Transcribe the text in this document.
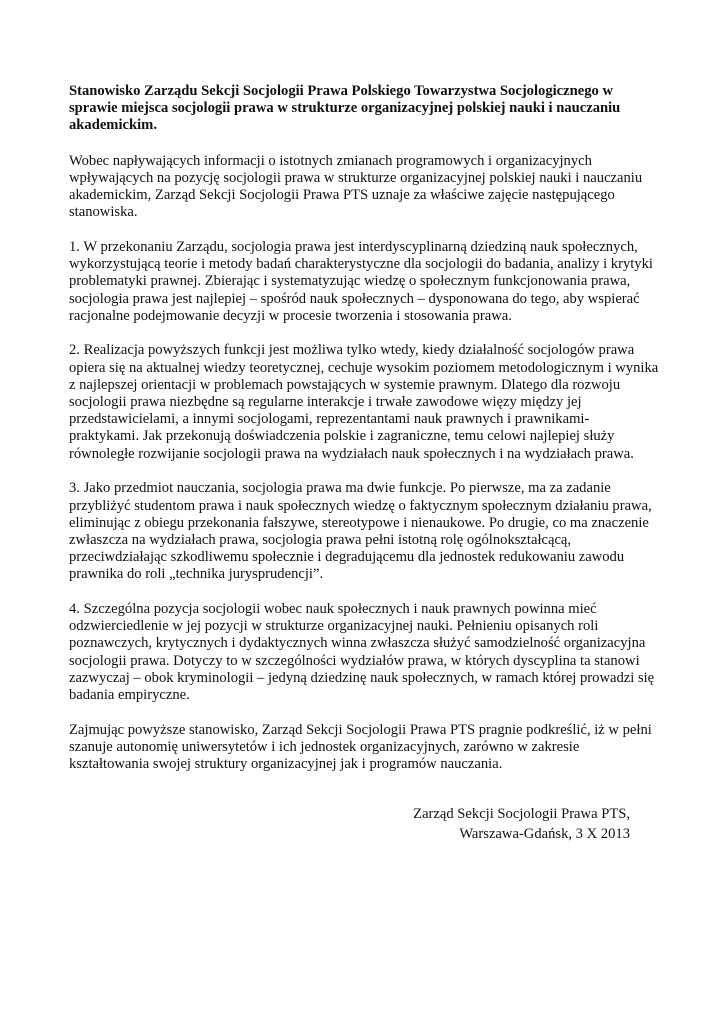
Stanowisko Zarządu Sekcji Socjologii Prawa Polskiego Towarzystwa Socjologicznego w sprawie miejsca socjologii prawa w strukturze organizacyjnej polskiej nauki i nauczaniu akademickim.

Wobec napływających informacji o istotnych zmianach programowych i organizacyjnych wpływających na pozycję socjologii prawa w strukturze organizacyjnej polskiej nauki i nauczaniu akademickim, Zarząd Sekcji Socjologii Prawa PTS uznaje za właściwe zajęcie następującego stanowiska.

1. W przekonaniu Zarządu, socjologia prawa jest interdyscyplinarną dziedziną nauk społecznych, wykorzystującą teorie i metody badań charakterystyczne dla socjologii do badania, analizy i krytyki problematyki prawnej. Zbierając i systematyzując wiedzę o społecznym funkcjonowania prawa, socjologia prawa jest najlepiej – spośród nauk społecznych – dysponowana do tego, aby wspierać racjonalne podejmowanie decyzji w procesie tworzenia i stosowania prawa.

2. Realizacja powyższych funkcji jest możliwa tylko wtedy, kiedy działalność socjologów prawa opiera się na aktualnej wiedzy teoretycznej, cechuje wysokim poziomem metodologicznym i wynika z najlepszej orientacji w problemach powstających w systemie prawnym. Dlatego dla rozwoju socjologii prawa niezbędne są regularne interakcje i trwałe zawodowe więzy między jej przedstawicielami, a innymi socjologami, reprezentantami nauk prawnych i prawnikami-praktykami. Jak przekonują doświadczenia polskie i zagraniczne, temu celowi najlepiej służy równoległe rozwijanie socjologii prawa na wydziałach nauk społecznych i na wydziałach prawa.

3. Jako przedmiot nauczania, socjologia prawa ma dwie funkcje. Po pierwsze, ma za zadanie przybliżyć studentom prawa i nauk społecznych wiedzę o faktycznym społecznym działaniu prawa, eliminując z obiegu przekonania fałszywe, stereotypowe i nienaukowe. Po drugie, co ma znaczenie zwłaszcza na wydziałach prawa, socjologia prawa pełni istotną rolę ogólnokształcącą, przeciwdziałając szkodliwemu społecznie i degradującemu dla jednostek redukowaniu zawodu prawnika do roli „technika jurysprudencji”.

4. Szczególna pozycja socjologii wobec nauk społecznych i nauk prawnych powinna mieć odzwierciedlenie w jej pozycji w strukturze organizacyjnej nauki. Pełnieniu opisanych roli poznawczych, krytycznych i dydaktycznych winna zwłaszcza służyć samodzielność organizacyjna socjologii prawa. Dotyczy to w szczególności wydziałów prawa, w których dyscyplina ta stanowi zazwyczaj – obok kryminologii – jedyną dziedzinę nauk społecznych, w ramach której prowadzi się badania empiryczne.

Zajmując powyższe stanowisko, Zarząd Sekcji Socjologii Prawa PTS pragnie podkreślić, iż w pełni szanuje autonomię uniwersytetów i ich jednostek organizacyjnych, zarówno w zakresie kształtowania swojej struktury organizacyjnej jak i programów nauczania.

Zarząd Sekcji Socjologii Prawa PTS,
Warszawa-Gdańsk, 3 X 2013
